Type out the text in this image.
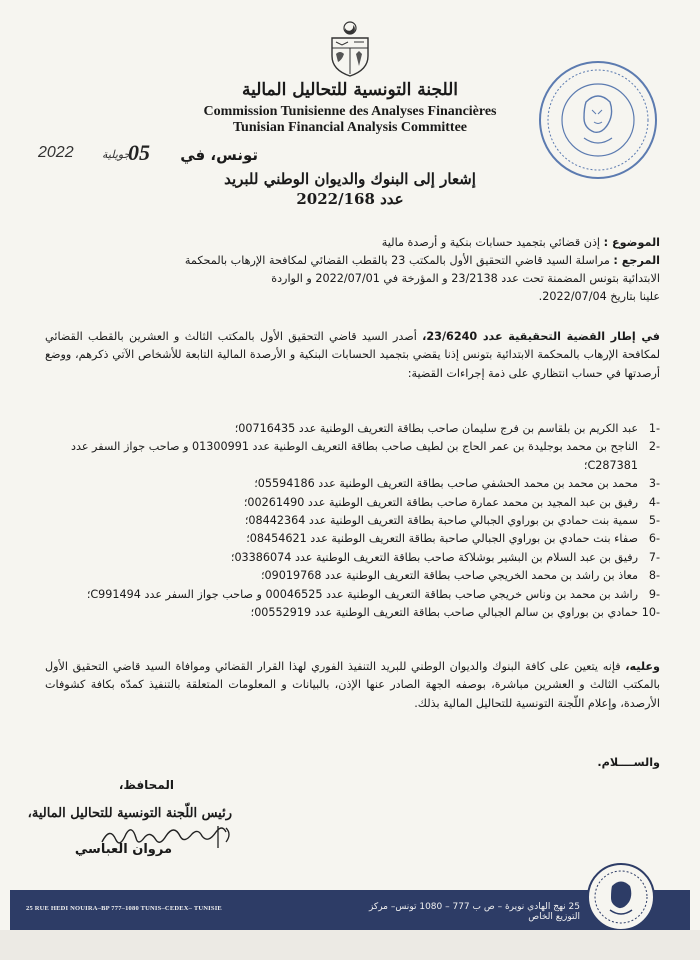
اللجنة التونسية للتحاليل المالية
Commission Tunisienne des Analyses Financières
Tunisian Financial Analysis Committee
تونس، في
05
جويلية
2022
إشعار إلى البنوك والديوان الوطني للبريد
عدد 2022/168
الموضوع : إذن قضائي بتجميد حسابات بنكية و أرصدة مالية
المرجع : مراسلة السيد قاضي التحقيق الأول بالمكتب 23 بالقطب القضائي لمكافحة الإرهاب بالمحكمة
الابتدائية بتونس المضمنة تحت عدد 23/2138 و المؤرخة في 2022/07/01 و الواردة
علينا بتاريخ 2022/07/04.
في إطار القضية التحقيقية عدد 23/6240، أصدر السيد قاضي التحقيق الأول بالمكتب الثالث و العشرين بالقطب القضائي لمكافحة الإرهاب بالمحكمة الابتدائية بتونس إذنا يقضي بتجميد الحسابات البنكية و الأرصدة المالية التابعة للأشخاص الآتي ذكرهم، ووضع أرصدتها في حساب انتظاري على ذمة إجراءات القضية:
-1
عبد الكريم بن بلقاسم بن فرج سليمان صاحب بطاقة التعريف الوطنية عدد 00716435؛
-2
الناجح بن محمد بوجليدة بن عمر الحاج بن لطيف صاحب بطاقة التعريف الوطنية عدد 01300991 و صاحب جواز السفر عدد C287381؛
-3
محمد بن محمد بن محمد الحشفي صاحب بطاقة التعريف الوطنية عدد 05594186؛
-4
رفيق بن عبد المجيد بن محمد عمارة صاحب بطاقة التعريف الوطنية عدد 00261490؛
-5
سمية بنت حمادي بن بوراوي الجبالي صاحبة بطاقة التعريف الوطنية عدد 08442364؛
-6
صفاء بنت حمادي بن بوراوي الجبالي صاحبة بطاقة التعريف الوطنية عدد 08454621؛
-7
رفيق بن عبد السلام بن البشير بوشلاكة صاحب بطاقة التعريف الوطنية عدد 03386074؛
-8
معاذ بن راشد بن محمد الخريجي صاحب بطاقة التعريف الوطنية عدد 09019768؛
-9
راشد بن محمد بن وناس خريجي صاحب بطاقة التعريف الوطنية عدد 00046525 و صاحب جواز السفر عدد C991494؛
-10
حمادي بن بوراوي بن سالم الجبالي صاحب بطاقة التعريف الوطنية عدد 00552919؛
وعليه، فإنه يتعين على كافة البنوك والديوان الوطني للبريد التنفيذ الفوري لهذا القرار القضائي وموافاة السيد قاضي التحقيق الأول بالمكتب الثالث و العشرين مباشرة، بوصفه الجهة الصادر عنها الإذن، بالبيانات و المعلومات المتعلقة بالتنفيذ كمدّه بكافة كشوفات الأرصدة، وإعلام اللّجنة التونسية للتحاليل المالية بذلك.
والســــلام.
المحافظ،
رئيس اللّجنة التونسية للتحاليل المالية،
مروان العباسي
25 RUE HEDI NOUIRA–BP 777–1080 TUNIS–CEDEX– TUNISIE	25 نهج الهادي نويرة – ص ب 777 – 1080 تونس– مركز التوزيع الخاص
